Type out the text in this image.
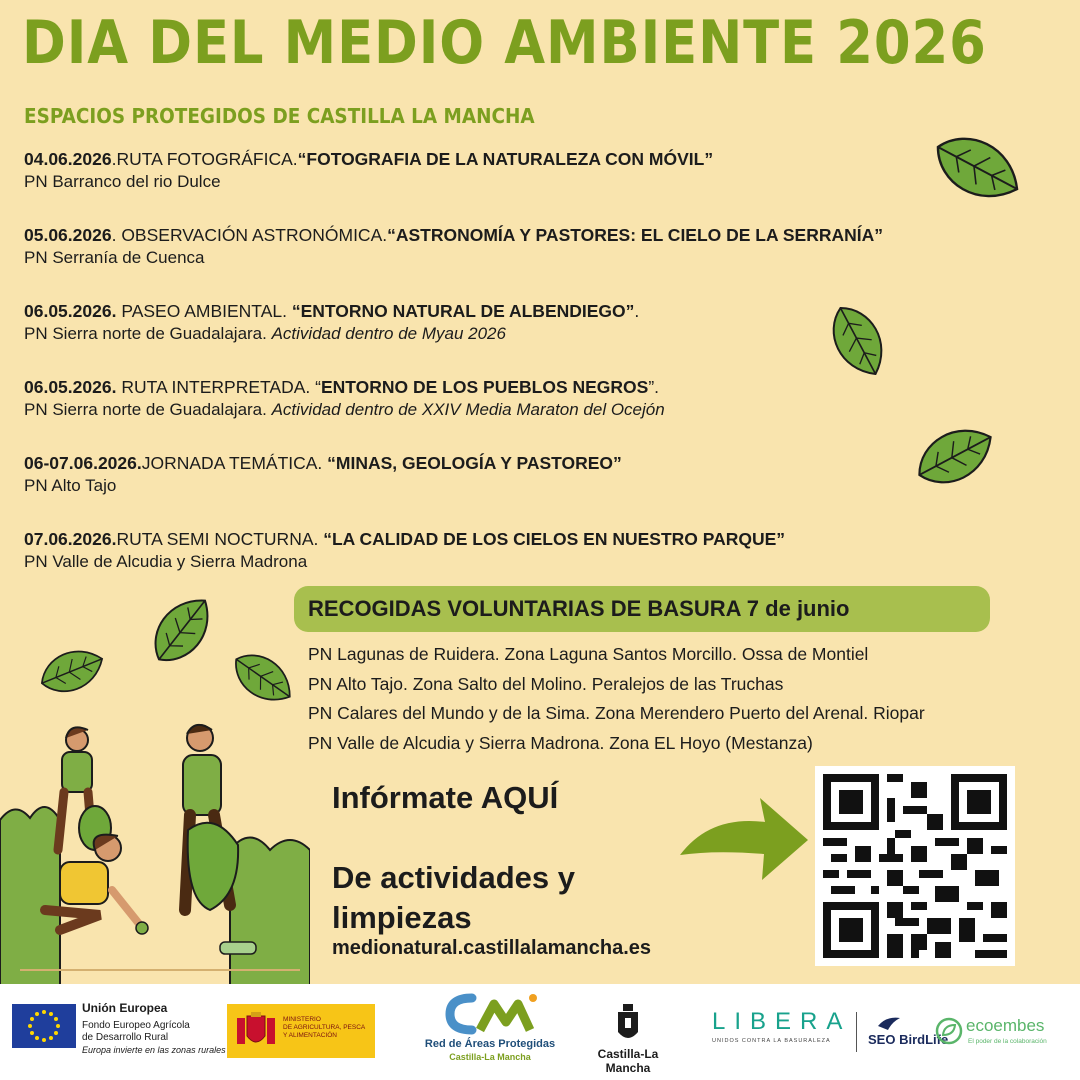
DIA DEL MEDIO AMBIENTE 2026
ESPACIOS PROTEGIDOS DE CASTILLA LA MANCHA
04.06.2026.RUTA FOTOGRÁFICA.“FOTOGRAFIA DE LA NATURALEZA CON MÓVIL”
PN Barranco del rio Dulce
05.06.2026. OBSERVACIÓN ASTRONÓMICA.“ASTRONOMÍA Y PASTORES: EL CIELO DE LA SERRANÍA”
PN Serranía de Cuenca
06.05.2026. PASEO AMBIENTAL. “ENTORNO NATURAL DE ALBENDIEGO”.
PN Sierra norte de Guadalajara. Actividad dentro de Myau 2026
06.05.2026. RUTA INTERPRETADA. “ENTORNO DE LOS PUEBLOS NEGROS”.
PN Sierra norte de Guadalajara. Actividad dentro de XXIV Media Maraton del Ocejón
06-07.06.2026.JORNADA TEMÁTICA. “MINAS, GEOLOGÍA Y PASTOREO”
PN Alto Tajo
07.06.2026.RUTA SEMI NOCTURNA. “LA CALIDAD DE LOS CIELOS EN NUESTRO PARQUE”
PN Valle de Alcudia y Sierra Madrona
RECOGIDAS VOLUNTARIAS DE BASURA 7 de junio
PN Lagunas de Ruidera. Zona Laguna Santos Morcillo. Ossa de Montiel
PN Alto Tajo. Zona Salto del Molino. Peralejos de las Truchas
PN Calares del Mundo y de la Sima. Zona Merendero Puerto del Arenal. Riopar
PN Valle de Alcudia y Sierra Madrona. Zona EL Hoyo (Mestanza)
Infórmate AQUÍ
De actividades y limpiezas
medionatural.castillalamancha.es
Unión Europea
Fondo Europeo Agrícola
de Desarrollo Rural
Europa invierte en las zonas rurales
MINISTERIO
DE AGRICULTURA, PESCA
Y ALIMENTACIÓN
Red de Áreas Protegidas
Castilla-La Mancha	Castilla-La Mancha
LIBERA
UNIDOS CONTRA LA BASURALEZA	SEO BirdLife
ecoembes
El poder de la colaboración
